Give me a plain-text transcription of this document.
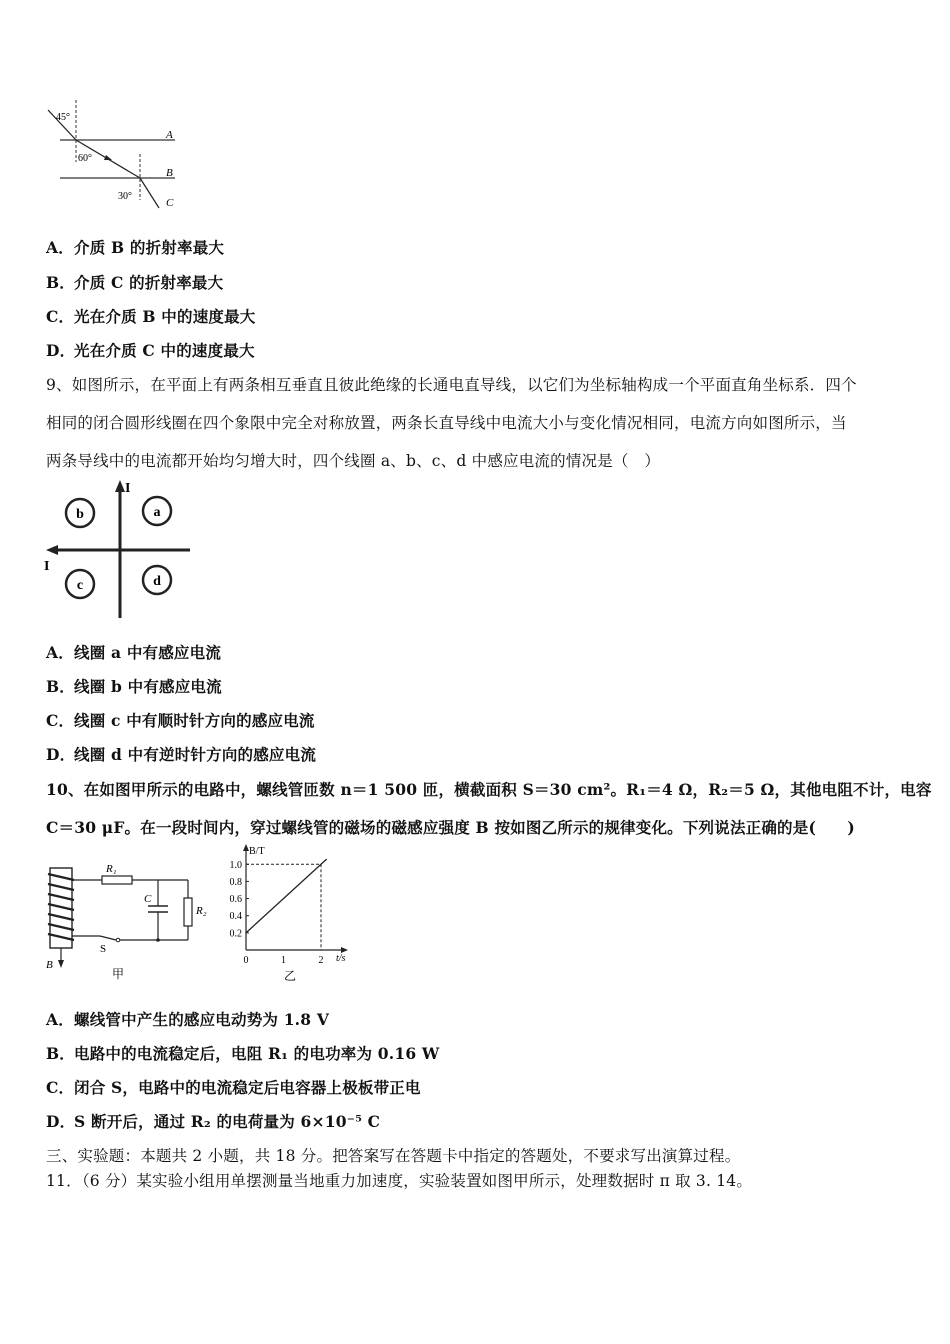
45°
60°
30°
A
B
C
A．介质 B 的折射率最大
B．介质 C 的折射率最大
C．光在介质 B 中的速度最大
D．光在介质 C 中的速度最大
9、如图所示，在平面上有两条相互垂直且彼此绝缘的长通电直导线，以它们为坐标轴构成一个平面直角坐标系．四个
相同的闭合圆形线圈在四个象限中完全对称放置，两条长直导线中电流大小与变化情况相同，电流方向如图所示，当
两条导线中的电流都开始均匀增大时，四个线圈 a、b、c、d 中感应电流的情况是（　）
I
I
b	a
c	d
A．线圈 a 中有感应电流
B．线圈 b 中有感应电流
C．线圈 c 中有顺时针方向的感应电流
D．线圈 d 中有逆时针方向的感应电流
10、在如图甲所示的电路中，螺线管匝数 n＝1 500 匝，横截面积 S＝30 cm²。R₁＝4 Ω，R₂＝5 Ω，其他电阻不计，电容
C＝30 μF。在一段时间内，穿过螺线管的磁场的磁感应强度 B 按如图乙所示的规律变化。下列说法正确的是(　　)
R₁
R₂
C
S
B
甲
B/T
t/s
0.2
0.4
0.6
0.8
1.0
0	1	2
乙
A．螺线管中产生的感应电动势为 1.8 V
B．电路中的电流稳定后，电阻 R₁ 的电功率为 0.16 W
C．闭合 S，电路中的电流稳定后电容器上极板带正电
D．S 断开后，通过 R₂ 的电荷量为 6×10⁻⁵ C
三、实验题：本题共 2 小题，共 18 分。把答案写在答题卡中指定的答题处，不要求写出演算过程。
11．（6 分）某实验小组用单摆测量当地重力加速度，实验装置如图甲所示，处理数据时 π 取 3. 14。
